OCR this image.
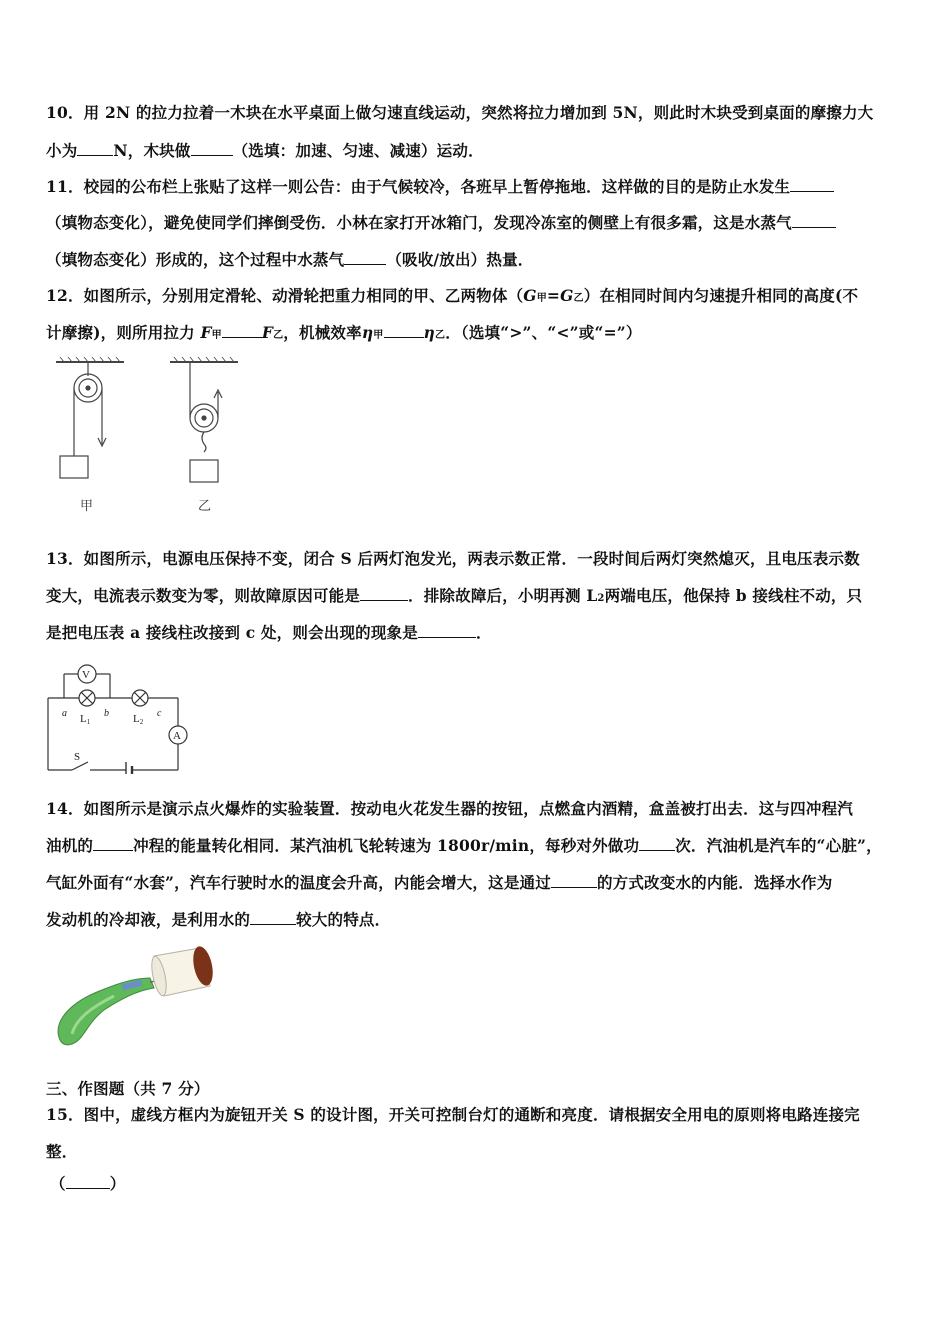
10．用 2N 的拉力拉着一木块在水平桌面上做匀速直线运动，突然将拉力增加到 5N，则此时木块受到桌面的摩擦力大
小为 N，木块做	（选填：加速、匀速、减速）运动．
11．校园的公布栏上张贴了这样一则公告：由于气候较冷，各班早上暂停拖地．这样做的目的是防止水发生
（填物态变化），避免使同学们摔倒受伤．小林在家打开冰箱门，发现冷冻室的侧壁上有很多霜，这是水蒸气
（填物态变化）形成的，这个过程中水蒸气	（吸收/放出）热量．
12．如图所示，分别用定滑轮、动滑轮把重力相同的甲、乙两物体（G甲=G乙）在相同时间内匀速提升相同的高度(不
计摩擦)，则所用拉力 F甲	F乙，机械效率η甲	η乙．（选填“>”、“<”或“=”）
甲	乙
13．如图所示，电源电压保持不变，闭合 S 后两灯泡发光，两表示数正常．一段时间后两灯突然熄灭，且电压表示数
变大，电流表示数变为零，则故障原因可能是	．排除故障后，小明再测 L2两端电压，他保持 b 接线柱不动，只
是把电压表 a 接线柱改接到 c 处，则会出现的现象是	．
V
A
a	b	c
L1	L2
S
14．如图所示是演示点火爆炸的实验装置．按动电火花发生器的按钮，点燃盒内酒精，盒盖被打出去．这与四冲程汽
油机的	冲程的能量转化相同．某汽油机飞轮转速为 1800r/min，每秒对外做功 次．汽油机是汽车的“心脏”，
气缸外面有“水套”，汽车行驶时水的温度会升高，内能会增大，这是通过	的方式改变水的内能．选择水作为
发动机的冷却液，是利用水的	较大的特点．
三、作图题（共 7 分）
15．图中，虚线方框内为旋钮开关 S 的设计图，开关可控制台灯的通断和亮度．请根据安全用电的原则将电路连接完
整．
（	）
